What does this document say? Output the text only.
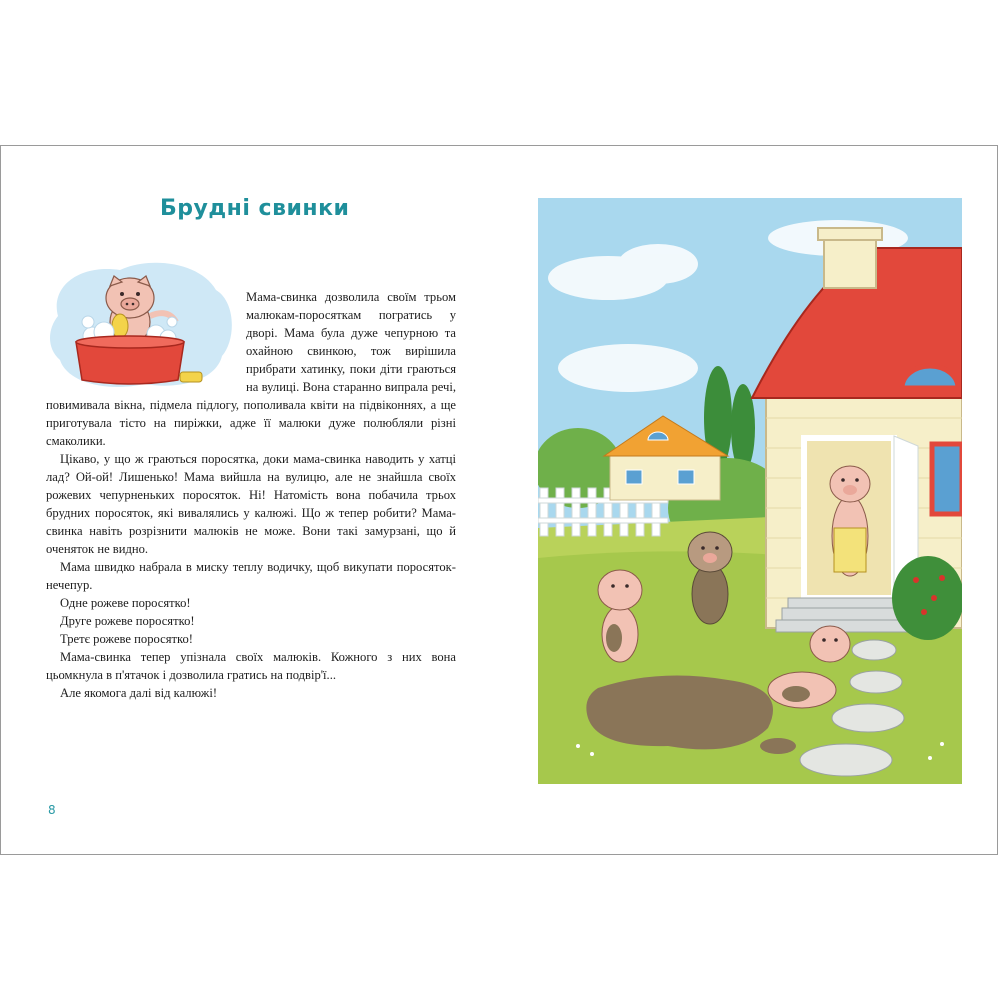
Брудні свинки

Мама-свинка дозволила своїм трьом малюкам-поросяткам погратись у дворі. Мама була дуже чепурною та охайною свинкою, тож вирішила прибрати хатинку, поки діти граються на вулиці. Вона старанно випрала речі, повимивала вікна, підмела підлогу, пополивала квіти на підвіконнях, а ще приготувала тісто на пиріжки, адже її малюки дуже полюбляли різні смаколики.

Цікаво, у що ж граються поросятка, доки мама-свинка наводить у хатці лад? Ой-ой! Лишенько! Мама вийшла на вулицю, але не знайшла своїх рожевих чепурненьких поросяток. Ні! Натомість вона побачила трьох брудних поросяток, які вивалялись у калюжі. Що ж тепер робити? Мама-свинка навіть розрізнити малюків не може. Вони такі замурзані, що й оченяток не видно.

Мама швидко набрала в миску теплу водичку, щоб викупати поросяток-нечепур.

Одне рожеве поросятко!

Друге рожеве поросятко!

Третє рожеве поросятко!

Мама-свинка тепер упізнала своїх малюків. Кожного з них вона цьомкнула в п'ятачок і дозволила гратись на подвір'ї...

Але якомога далі від калюжі!

8
